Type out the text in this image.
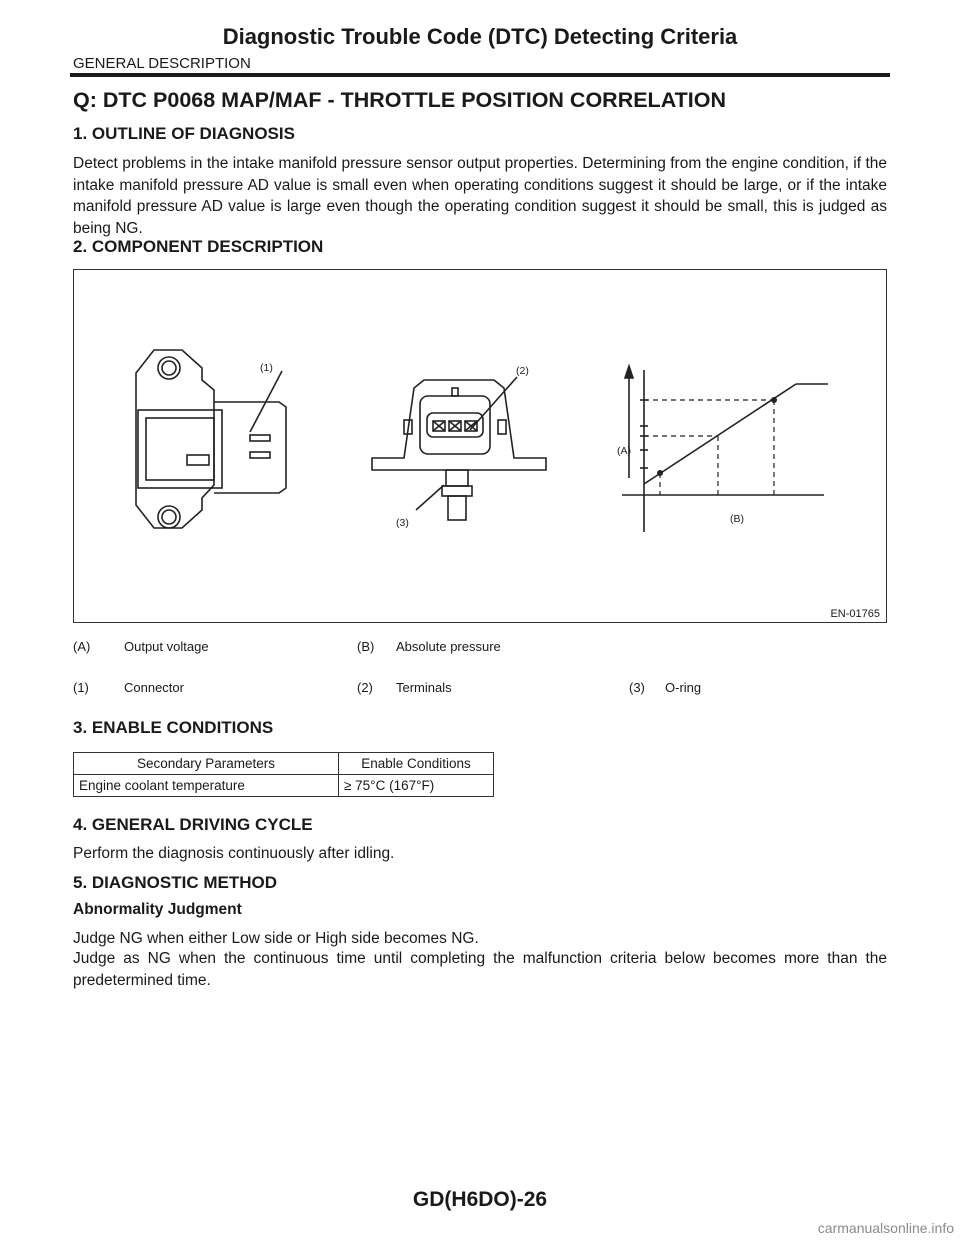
Diagnostic Trouble Code (DTC) Detecting Criteria
GENERAL DESCRIPTION
Q: DTC P0068 MAP/MAF - THROTTLE POSITION CORRELATION
1. OUTLINE OF DIAGNOSIS
Detect problems in the intake manifold pressure sensor output properties. Determining from the engine condition, if the intake manifold pressure AD value is small even when operating conditions suggest it should be large, or if the intake manifold pressure AD value is large even though the operating condition suggest it should be small, this is judged as being NG.
2. COMPONENT DESCRIPTION
(1)	(2)
(3)
(A)
(B)
EN-01765
(A)	Output voltage	(B) Absolute pressure
(1)	Connector	(2) Terminals	(3) O-ring
3. ENABLE CONDITIONS
Secondary Parameters	Enable Conditions
Engine coolant temperature	≥ 75°C (167°F)
4. GENERAL DRIVING CYCLE
Perform the diagnosis continuously after idling.
5. DIAGNOSTIC METHOD
Abnormality Judgment
Judge NG when either Low side or High side becomes NG.
Judge as NG when the continuous time until completing the malfunction criteria below becomes more than the predetermined time.
GD(H6DO)-26
carmanualsonline.info
